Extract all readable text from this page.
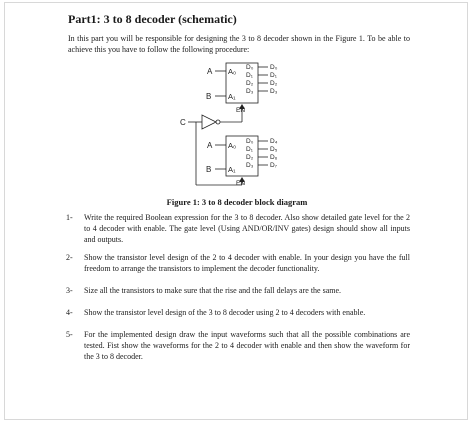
Part1: 3 to 8 decoder (schematic)
In this part you will be responsible for designing the 3 to 8 decoder shown in the Figure 1. To be able to achieve this you have to follow the following procedure:
A
B
A
B
C
A₀
A₁
A₀
A₁
EN
EN
D₀
D₁
D₂
D₃
D₀
D₁
D₂
D₃
D₀
D₁
D₂
D₃
D₄
D₅
D₆
D₇
Figure 1: 3 to 8 decoder block diagram
1- Write the required Boolean expression for the 3 to 8 decoder. Also show detailed gate level for the 2 to 4 decoder with enable. The gate level (Using AND/OR/INV gates) design should show all inputs and outputs.
2- Show the transistor level design of the 2 to 4 decoder with enable. In your design you have the full freedom to arrange the transistors to implement the decoder functionality.
3- Size all the transistors to make sure that the rise and the fall delays are the same.
4- Show the transistor level design of the 3 to 8 decoder using 2 to 4 decoders with enable.
5- For the implemented design draw the input waveforms such that all the possible combinations are tested. Fist show the waveforms for the 2 to 4 decoder with enable and then show the waveform for the 3 to 8 decoder.
